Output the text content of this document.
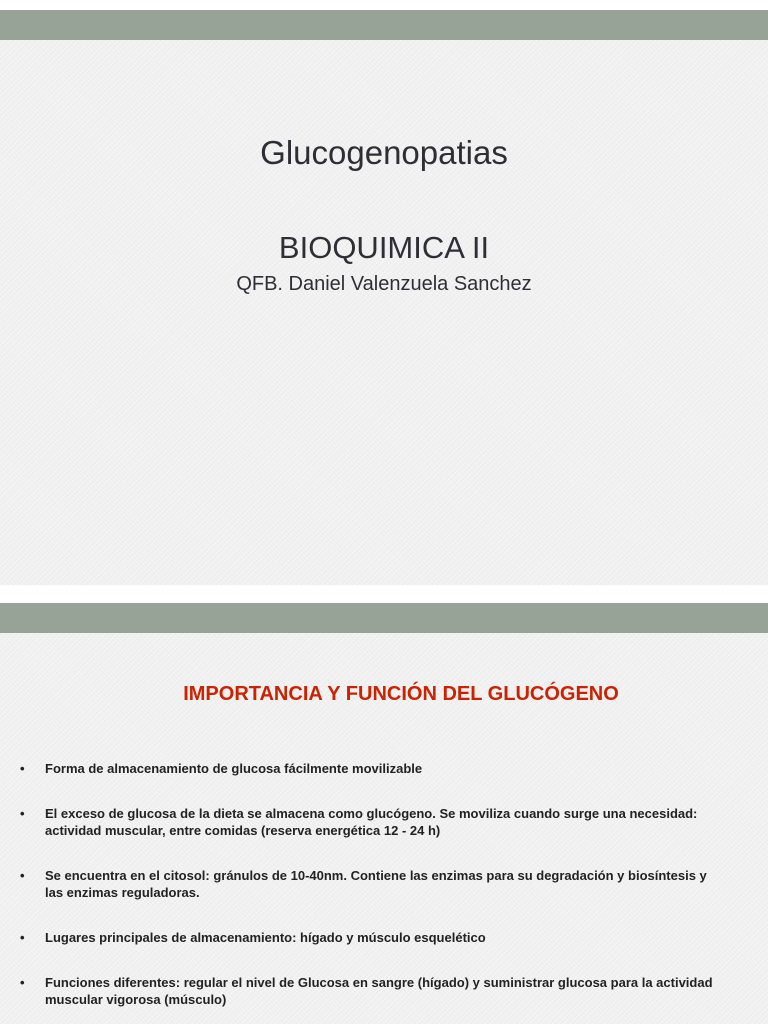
Glucogenopatias
BIOQUIMICA II

QFB. Daniel Valenzuela Sanchez

IMPORTANCIA Y FUNCIÓN DEL GLUCÓGENO
• Forma de almacenamiento de glucosa fácilmente movilizable
• El exceso de glucosa de la dieta se almacena como glucógeno. Se moviliza cuando surge una necesidad: actividad muscular, entre comidas (reserva energética 12 - 24 h)
• Se encuentra en el citosol: gránulos de 10-40nm. Contiene las enzimas para su degradación y biosíntesis y las enzimas reguladoras.
• Lugares principales de almacenamiento: hígado y músculo esquelético
• Funciones diferentes: regular el nivel de Glucosa en sangre (hígado) y suministrar glucosa para la actividad muscular vigorosa (músculo)
